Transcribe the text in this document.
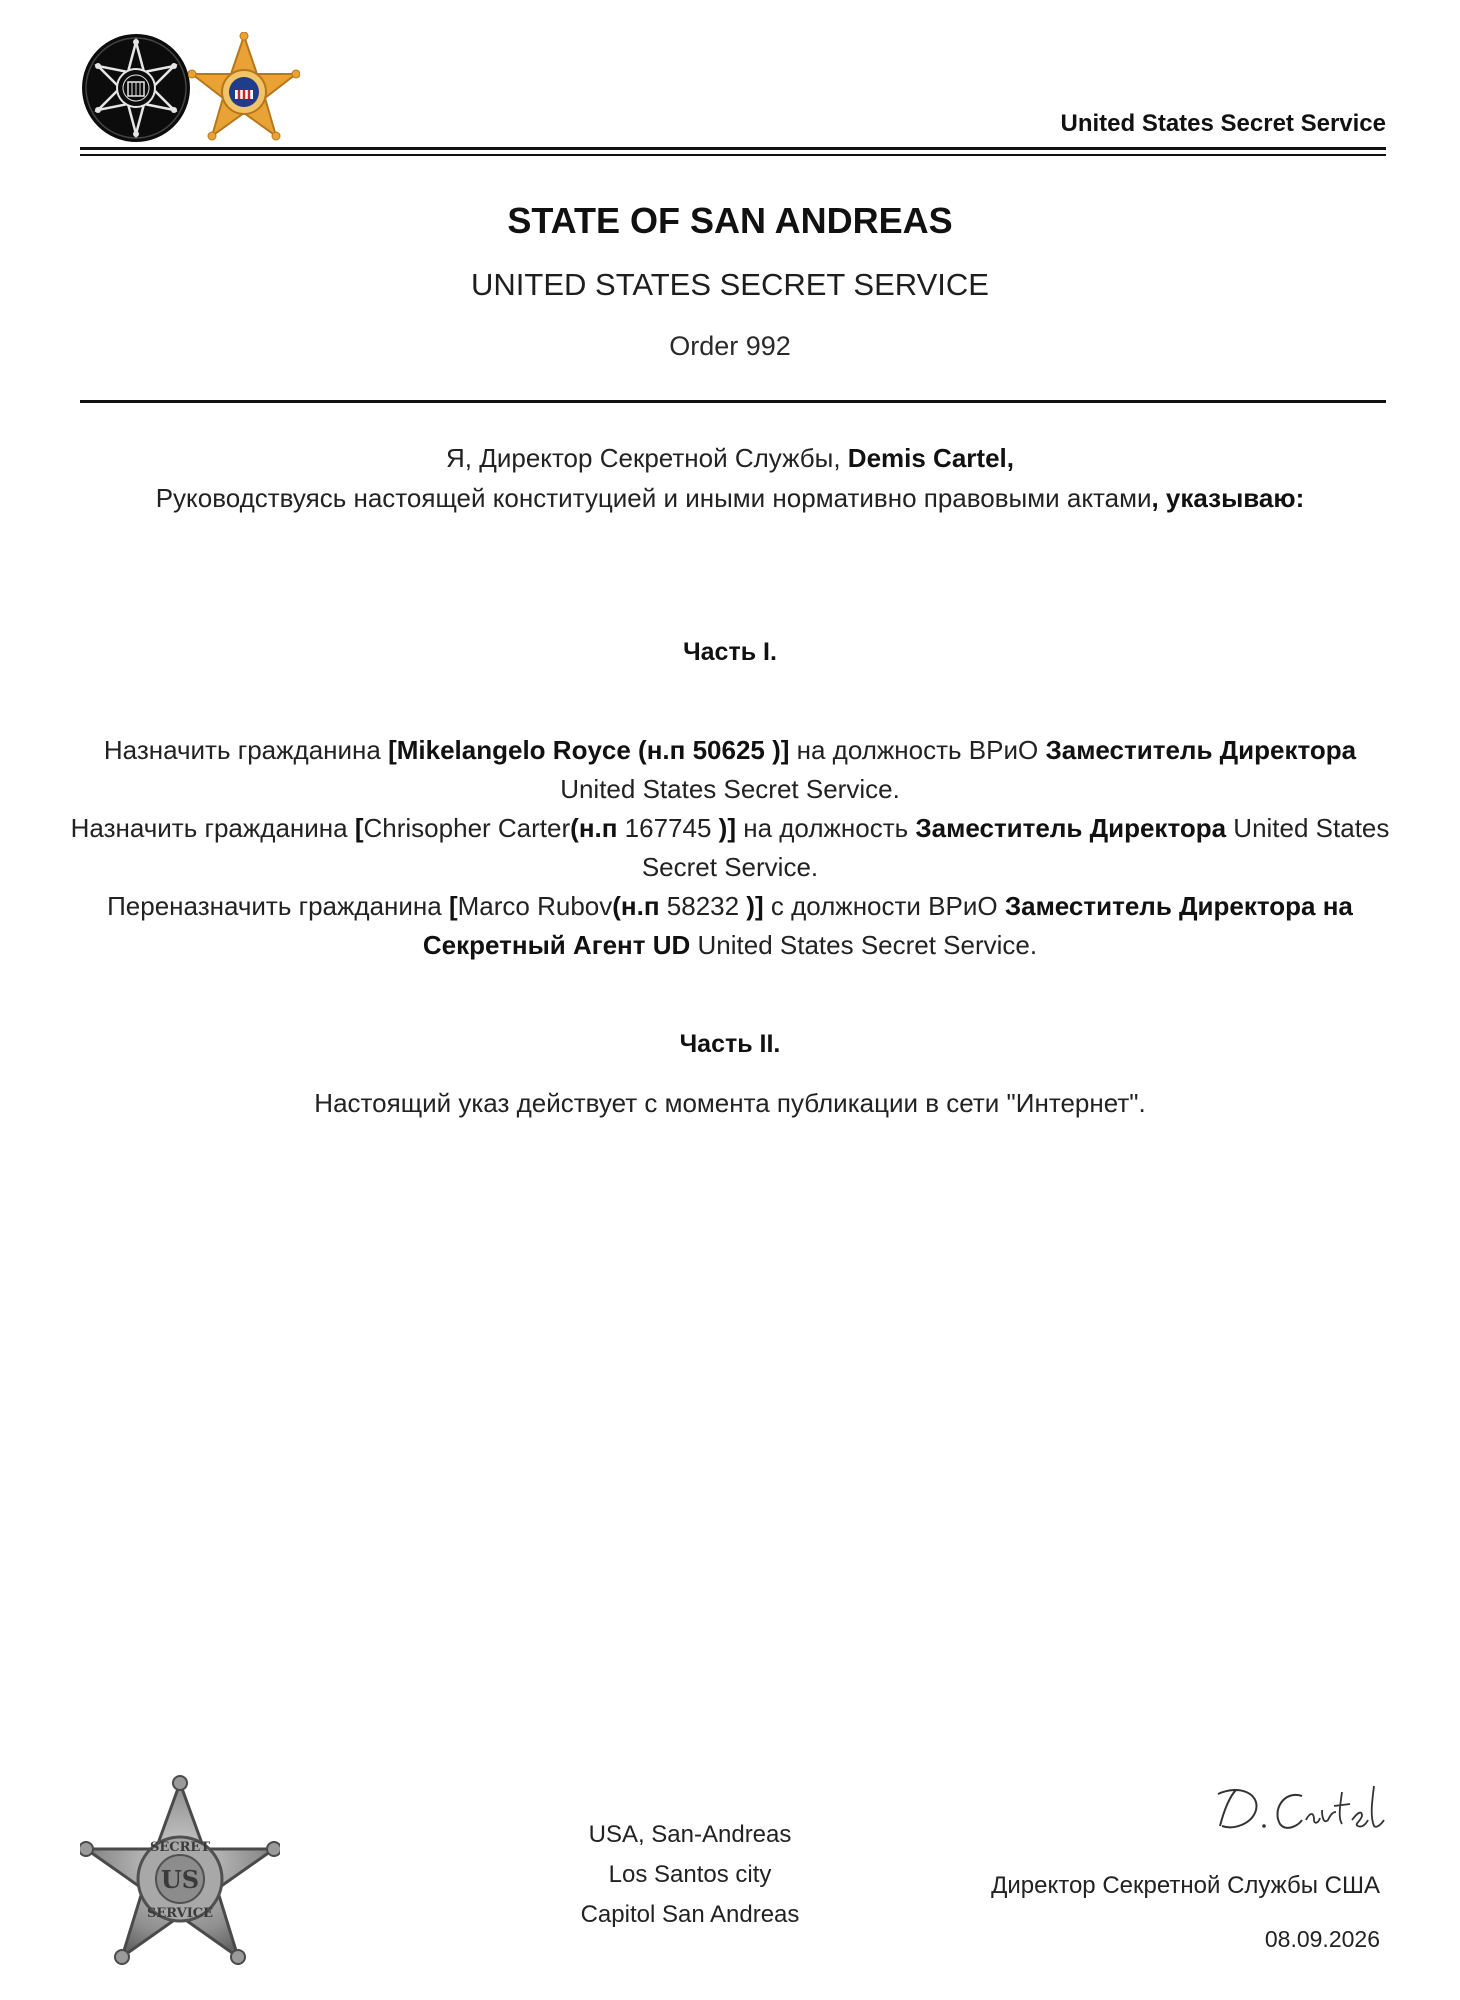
United States Secret Service
STATE OF SAN ANDREAS
UNITED STATES SECRET SERVICE
Order 992
Я, Директор Секретной Службы, Demis Cartel,
Руководствуясь настоящей конституцией и иными нормативно правовыми актами, указываю:
Часть I.

Назначить гражданина [Mikelangelo Royce (н.п 50625 )] на должность ВРиО Заместитель Директора United States Secret Service.

Назначить гражданина [Chrisopher Carter(н.п 167745 )] на должность Заместитель Директора United States Secret Service.

Переназначить гражданина [Marco Rubov(н.п 58232 )] с должности ВРиО Заместитель Директора на Секретный Агент UD United States Secret Service.

Часть II.
Настоящий указ действует с момента публикации в сети "Интернет".
SECRET
SERVICE
US
USA, San-Andreas
Los Santos city
Capitol San Andreas
Директор Секретной Службы США
08.09.2026
